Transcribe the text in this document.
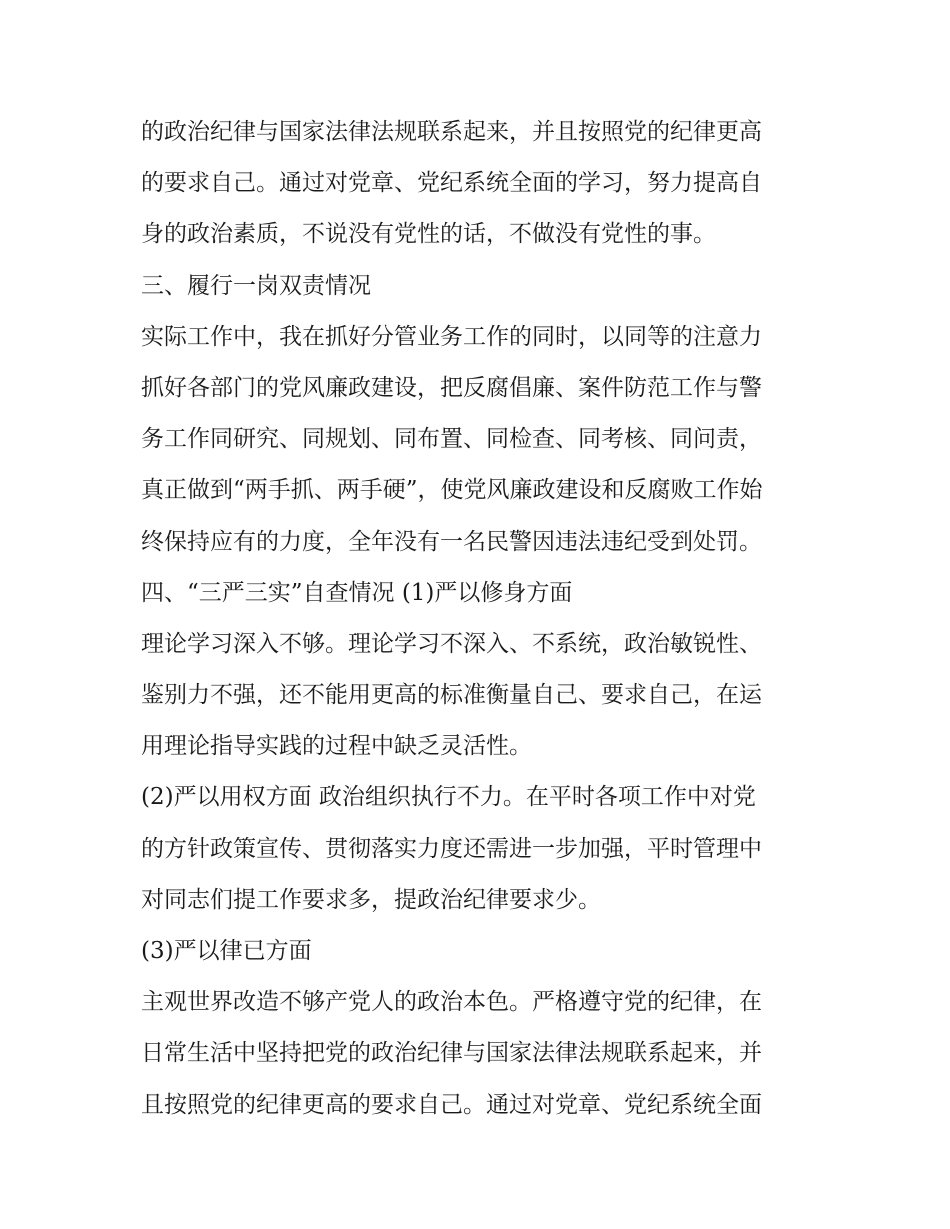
的政治纪律与国家法律法规联系起来，并且按照党的纪律更高
的要求自己。通过对党章、党纪系统全面的学习，努力提高自
身的政治素质，不说没有党性的话，不做没有党性的事。
三、履行一岗双责情况
实际工作中，我在抓好分管业务工作的同时，以同等的注意力
抓好各部门的党风廉政建设，把反腐倡廉、案件防范工作与警
务工作同研究、同规划、同布置、同检查、同考核、同问责，
真正做到“两手抓、两手硬”，使党风廉政建设和反腐败工作始
终保持应有的力度，全年没有一名民警因违法违纪受到处罚。
四、“三严三实”自查情况 (1)严以修身方面
理论学习深入不够。理论学习不深入、不系统，政治敏锐性、
鉴别力不强，还不能用更高的标准衡量自己、要求自己，在运
用理论指导实践的过程中缺乏灵活性。
(2)严以用权方面 政治组织执行不力。在平时各项工作中对党
的方针政策宣传、贯彻落实力度还需进一步加强，平时管理中
对同志们提工作要求多，提政治纪律要求少。
(3)严以律已方面
主观世界改造不够产党人的政治本色。严格遵守党的纪律，在
日常生活中坚持把党的政治纪律与国家法律法规联系起来，并
且按照党的纪律更高的要求自己。通过对党章、党纪系统全面
